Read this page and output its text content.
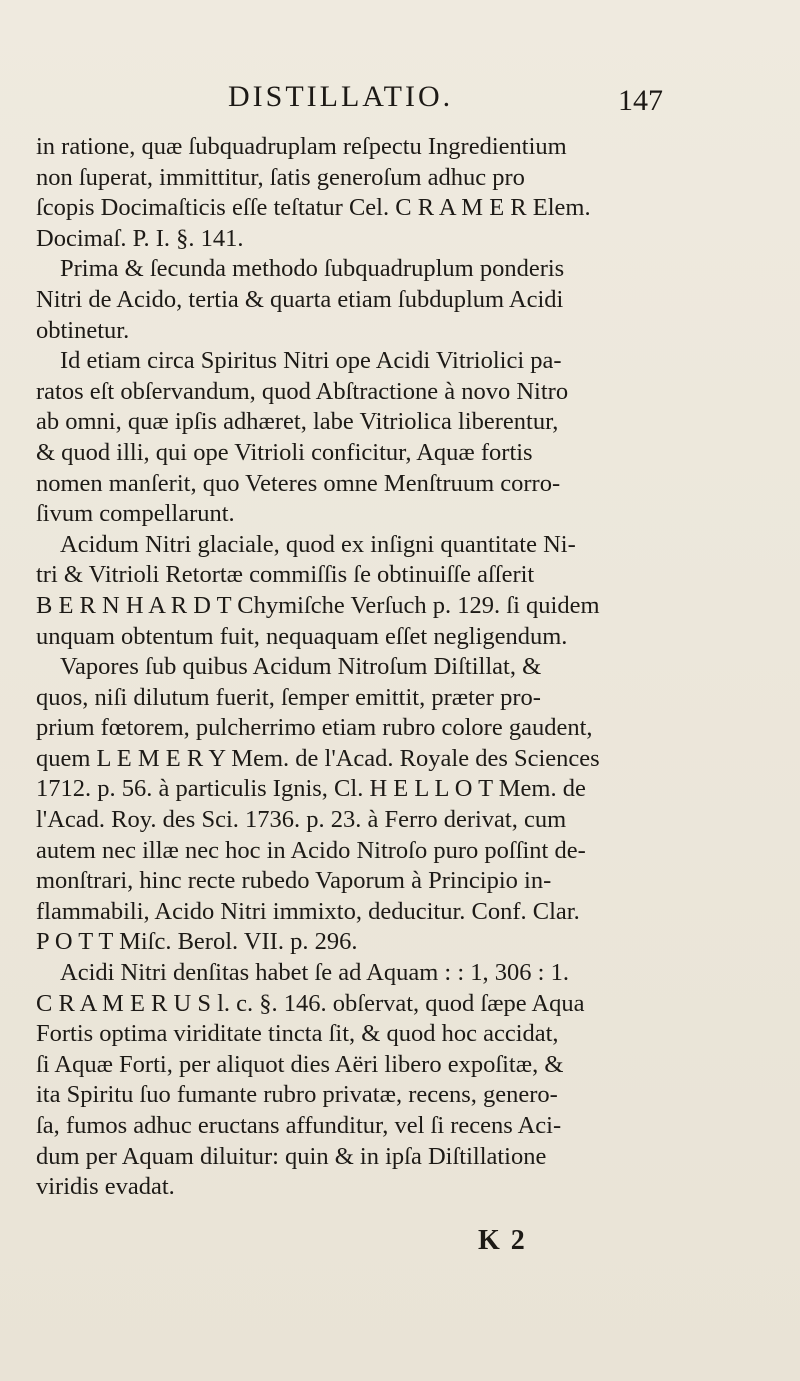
DISTILLATIO.	147
in ratione, quæ ſubquadruplam reſpectu Ingredientium
non ſuperat, immittitur, ſatis generoſum adhuc pro
ſcopis Docimaſticis eſſe teſtatur Cel. C R A M E R Elem.
Docimaſ. P. I. §. 141.
Prima & ſecunda methodo ſubquadruplum ponderis
Nitri de Acido, tertia & quarta etiam ſubduplum Acidi
obtinetur.
Id etiam circa Spiritus Nitri ope Acidi Vitriolici pa-
ratos eſt obſervandum, quod Abſtractione à novo Nitro
ab omni, quæ ipſis adhæret, labe Vitriolica liberentur,
& quod illi, qui ope Vitrioli conficitur, Aquæ fortis
nomen manſerit, quo Veteres omne Menſtruum corro-
ſivum compellarunt.
Acidum Nitri glaciale, quod ex inſigni quantitate Ni-
tri & Vitrioli Retortæ commiſſis ſe obtinuiſſe aſſerit
B E R N H A R D T Chymiſche Verſuch p. 129. ſi quidem
unquam obtentum fuit, nequaquam eſſet negligendum.
Vapores ſub quibus Acidum Nitroſum Diſtillat, &
quos, niſi dilutum fuerit, ſemper emittit, præter pro-
prium fœtorem, pulcherrimo etiam rubro colore gaudent,
quem L E M E R Y Mem. de l'Acad. Royale des Sciences
1712. p. 56. à particulis Ignis, Cl. H E L L O T Mem. de
l'Acad. Roy. des Sci. 1736. p. 23. à Ferro derivat, cum
autem nec illæ nec hoc in Acido Nitroſo puro poſſint de-
monſtrari, hinc recte rubedo Vaporum à Principio in-
flammabili, Acido Nitri immixto, deducitur. Conf. Clar.
P O T T Miſc. Berol. VII. p. 296.
Acidi Nitri denſitas habet ſe ad Aquam : : 1, 306 : 1.
C R A M E R U S l. c. §. 146. obſervat, quod ſæpe Aqua
Fortis optima viriditate tincta ſit, & quod hoc accidat,
ſi Aquæ Forti, per aliquot dies Aëri libero expoſitæ, &
ita Spiritu ſuo fumante rubro privatæ, recens, genero-
ſa, fumos adhuc eructans affunditur, vel ſi recens Aci-
dum per Aquam diluitur: quin & in ipſa Diſtillatione
viridis evadat.
K 2
